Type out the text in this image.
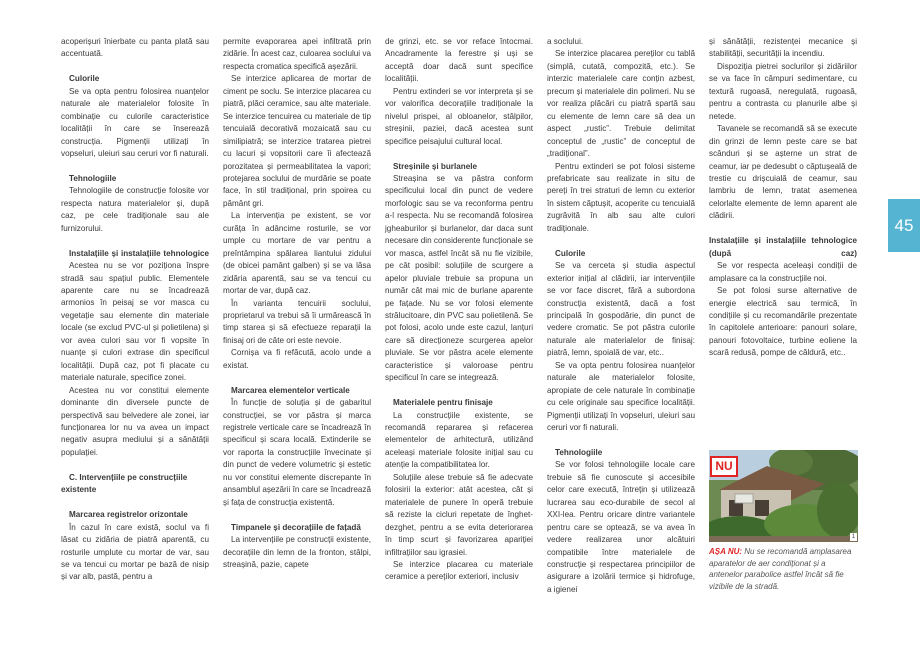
acoperișuri înierbate cu panta plată sau accentuată.

Culorile

Se va opta pentru folosirea nuanțelor naturale ale materialelor folosite în combinație cu culorile caracteristice localității în care se înserează construcția. Pigmenții utilizați în vopseluri, uleiuri sau ceruri vor fi naturali.

Tehnologiile

Tehnologiile de construcție folosite vor respecta natura materialelor și, după caz, pe cele tradiționale sau ale furnizorului.

Instalațiile și instalațiile tehnologice

Acestea nu se vor poziționa înspre stradă sau spațiul public. Elementele aparente care nu se încadrează armonios în peisaj se vor masca cu vegetație sau elemente din materiale locale (se exclud PVC-ul și polietilena) și vor avea culori sau vor fi vopsite în nuanțe și culori extrase din specificul localității. După caz, pot fi placate cu materiale naturale, specifice zonei.

Acestea nu vor constitui elemente dominante din diversele puncte de perspectivă sau belvedere ale zonei, iar funcționarea lor nu va avea un impact negativ asupra mediului și a sănătății populației.

C. Intervențiile pe construcțiile existente
Marcarea registrelor orizontale

În cazul în care există, soclul va fi lăsat cu zidăria de piatră aparentă, cu rosturile umplute cu mortar de var, sau se va tencui cu mortar pe bază de nisip și var alb, pastă, pentru a

permite evaporarea apei infiltrată prin zidărie. În acest caz, culoarea soclului va respecta cromatica specifică așezării.

Se interzice aplicarea de mortar de ciment pe soclu. Se interzice placarea cu piatră, plăci ceramice, sau alte materiale. Se interzice tencuirea cu materiale de tip tencuială decorativă mozaicată sau cu similipiatră; se interzice tratarea pietrei cu lacuri și vopsitorii care îi afectează porozitatea și permeabilitatea la vapori; protejarea soclului de murdărie se poate face, în stil tradițional, prin spoirea cu pământ gri.

La intervenția pe existent, se vor curăța în adâncime rosturile, se vor umple cu mortare de var pentru a preîntâmpina spălarea liantului zidului (de obicei pamânt galben) și se va lăsa zidăria aparentă, sau se va tencui cu mortar de var, după caz.

În varianta tencuirii soclului, proprietarul va trebui să îi urmărească în timp starea și să efectueze reparații la finisaj ori de câte ori este nevoie.

Cornișa va fi refăcută, acolo unde a existat.

Marcarea elementelor verticale

În funcție de soluția și de gabaritul construcției, se vor păstra și marca registrele verticale care se încadrează în specificul și scara locală. Extinderile se vor raporta la construcțiile învecinate și din punct de vedere volumetric și estetic nu vor constitui elemente discrepante în ansamblul așezării în care se încadrează și fața de construcția existentă.

Timpanele și decorațiile de fațadă

La intervențiile pe construcții existente, decorațiile din lemn de la fronton, stâlpi, streașină, pazie, capete

de grinzi, etc. se vor reface întocmai. Ancadramente la ferestre și uși se acceptă doar dacă sunt specifice localității.

Pentru extinderi se vor interpreta și se vor valorifica decorațiile tradiționale la nivelul prispei, al obloanelor, stâlpilor, streșinii, paziei, dacă acestea sunt specifice peisajului cultural local.

Streșinile și burlanele

Streașina se va păstra conform specificului local din punct de vedere morfologic sau se va reconforma pentru a-l respecta. Nu se recomandă folosirea jgheaburilor și burlanelor, dar daca sunt necesare din considerente funcționale se vor masca, astfel încât să nu fie vizibile, pe cât posibil: soluțiile de scurgere a apelor pluviale trebuie sa propuna un număr cât mai mic de burlane aparente pe fațade. Nu se vor folosi elemente strălucitoare, din PVC sau polietilenă. Se pot folosi, acolo unde este cazul, lanțuri care să direcționeze scurgerea apelor pluviale. Se vor păstra acele elemente caracteristice și valoroase pentru specificul în care se integrează.

Materialele pentru finisaje

La construcțiile existente, se recomandă repararea și refacerea elementelor de arhitectură, utilizând aceleași materiale folosite inițial sau cu atenție la compatibilitatea lor.

Soluțiile alese trebuie să fie adecvate folosirii la exterior: atât acestea, cât și materialele de punere în operă trebuie să reziste la ciclurі repetate de înghet-dezghet, pentru a se evita deteriorarea în timp scurt și favorizarea apariției infiltrațiilor sau igrasiei.

Se interzice placarea cu materiale ceramice a pereților exteriori, inclusiv

a soclului.

Se interzice placarea pereților cu tablă (simplă, cutată, compozită, etc.). Se interzic materialele care conțin azbest, precum și materialele din polimeri. Nu se vor realiza plăcări cu piatră spartă sau cu elemente de lemn care să dea un aspect „rustic”. Trebuie delimitat conceptul de „rustic” de conceptul de „tradițional”.

Pentru extinderi se pot folosi sisteme prefabricate sau realizate in situ de pereți în trei straturi de lemn cu exterior în sistem căptușit, acoperite cu tencuială zugrăvită în alb sau alte culori tradiționale.

Culorile

Se va cerceta și studia aspectul exterior inițial al clădirii, iar intervențiile se vor face discret, fără a subordona construcția existentă, dacă a fost principală în gospodărie, din punct de vedere cromatic. Se pot păstra culorile naturale ale materialelor de finisaj: piatră, lemn, spoială de var, etc..

Se va opta pentru folosirea nuanțelor naturale ale materialelor folosite, apropiate de cele naturale în combinație cu cele originale sau specifice localității. Pigmenții utilizați în vopseluri, uleiuri sau ceruri vor fi naturali.

Tehnologiile

Se vor folosi tehnologiile locale care trebuie să fie cunoscute și accesibile celor care execută, întrețin și utilizează lucrarea sau eco-durabile de secol al XXI-lea. Pentru oricare dintre variantele pentru care se optează, se va avea în vedere realizarea unor alcătuiri compatibile între materialele de construcție și respectarea principiilor de asigurare a izolării termice și hidrofuge, a igienei

și sănătății, rezistenței mecanice și stabilității, securității la incendiu.

Dispoziția pietrei soclurilor și zidăriilor se va face în câmpuri sedimentare, cu textură rugoasă, neregulată, rugoasă, pentru a contrasta cu planurile albe și netede.

Tavanele se recomandă să se execute din grinzi de lemn peste care se bat scânduri și se așterne un strat de ceamur, iar pe dedesubt o căptușeală de trestie cu drișcuială de ceamur, sau lambriu de lemn, tratat asemenea celorlalte elemente de lemn aparent ale clădirii.

Instalațiile și instalațiile tehnologice (după caz)

Se vor respecta aceleași condiții de amplasare ca la construcțiile noi.

Se pot folosi surse alternative de energie electrică sau termică, în condițiile și cu recomandările prezentate în capitolele anterioare: panouri solare, panouri fotovoltaice, turbine eoliene la scară redusă, pompe de căldură, etc..

NU
1
AȘA NU: Nu se recomandă amplasarea aparatelor de aer condiționat și a antenelor parabolice astfel încât să fie vizibile de la stradă.
45
